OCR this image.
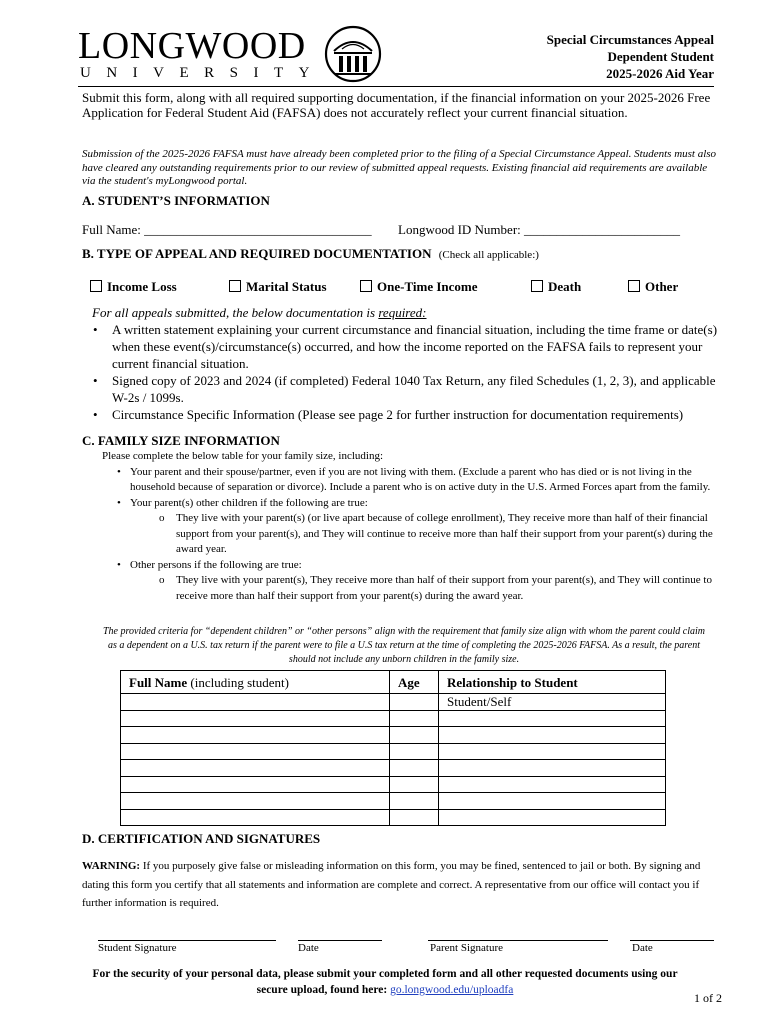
LONGWOOD
UNIVERSITY
Special Circumstances Appeal
Dependent Student
2025-2026 Aid Year
Submit this form, along with all required supporting documentation, if the financial information on your 2025-2026 Free Application for Federal Student Aid (FAFSA) does not accurately reflect your current financial situation.
Submission of the 2025-2026 FAFSA must have already been completed prior to the filing of a Special Circumstance Appeal. Students must also have cleared any outstanding requirements prior to our review of submitted appeal requests. Existing financial aid requirements are available via the student's myLongwood portal.
A. STUDENT’S INFORMATION
Full Name: ___________________________________ Longwood ID Number: ________________________
B. TYPE OF APPEAL AND REQUIRED DOCUMENTATION (Check all applicable:)
Income Loss	Marital Status	One-Time Income	Death	Other
For all appeals submitted, the below documentation is required:
• A written statement explaining your current circumstance and financial situation, including the time frame or date(s) when these event(s)/circumstance(s) occurred, and how the income reported on the FAFSA fails to represent your current financial situation.
• Signed copy of 2023 and 2024 (if completed) Federal 1040 Tax Return, any filed Schedules (1, 2, 3), and applicable W-2s / 1099s.
• Circumstance Specific Information (Please see page 2 for further instruction for documentation requirements)
C. FAMILY SIZE INFORMATION
Please complete the below table for your family size, including:
• Your parent and their spouse/partner, even if you are not living with them. (Exclude a parent who has died or is not living in the household because of separation or divorce). Include a parent who is on active duty in the U.S. Armed Forces apart from the family.
• Your parent(s) other children if the following are true:
o They live with your parent(s) (or live apart because of college enrollment), They receive more than half of their financial support from your parent(s), and They will continue to receive more than half their support from your parent(s) during the award year.
• Other persons if the following are true:
o They live with your parent(s), They receive more than half of their support from your parent(s), and They will continue to receive more than half their support from your parent(s) during the award year.
The provided criteria for “dependent children” or “other persons” align with the requirement that family size align with whom the parent could claim as a dependent on a U.S. tax return if the parent were to file a U.S tax return at the time of completing the 2025-2026 FAFSA. As a result, the parent should not include any unborn children in the family size.
Full Name (including student)	Age	Relationship to Student
		Student/Self

D. CERTIFICATION AND SIGNATURES
WARNING: If you purposely give false or misleading information on this form, you may be fined, sentenced to jail or both. By signing and dating this form you certify that all statements and information are complete and correct. A representative from our office will contact you if further information is required.
Student Signature	Date	Parent Signature	Date
For the security of your personal data, please submit your completed form and all other requested documents using our
secure upload, found here: go.longwood.edu/uploadfa
1 of 2
